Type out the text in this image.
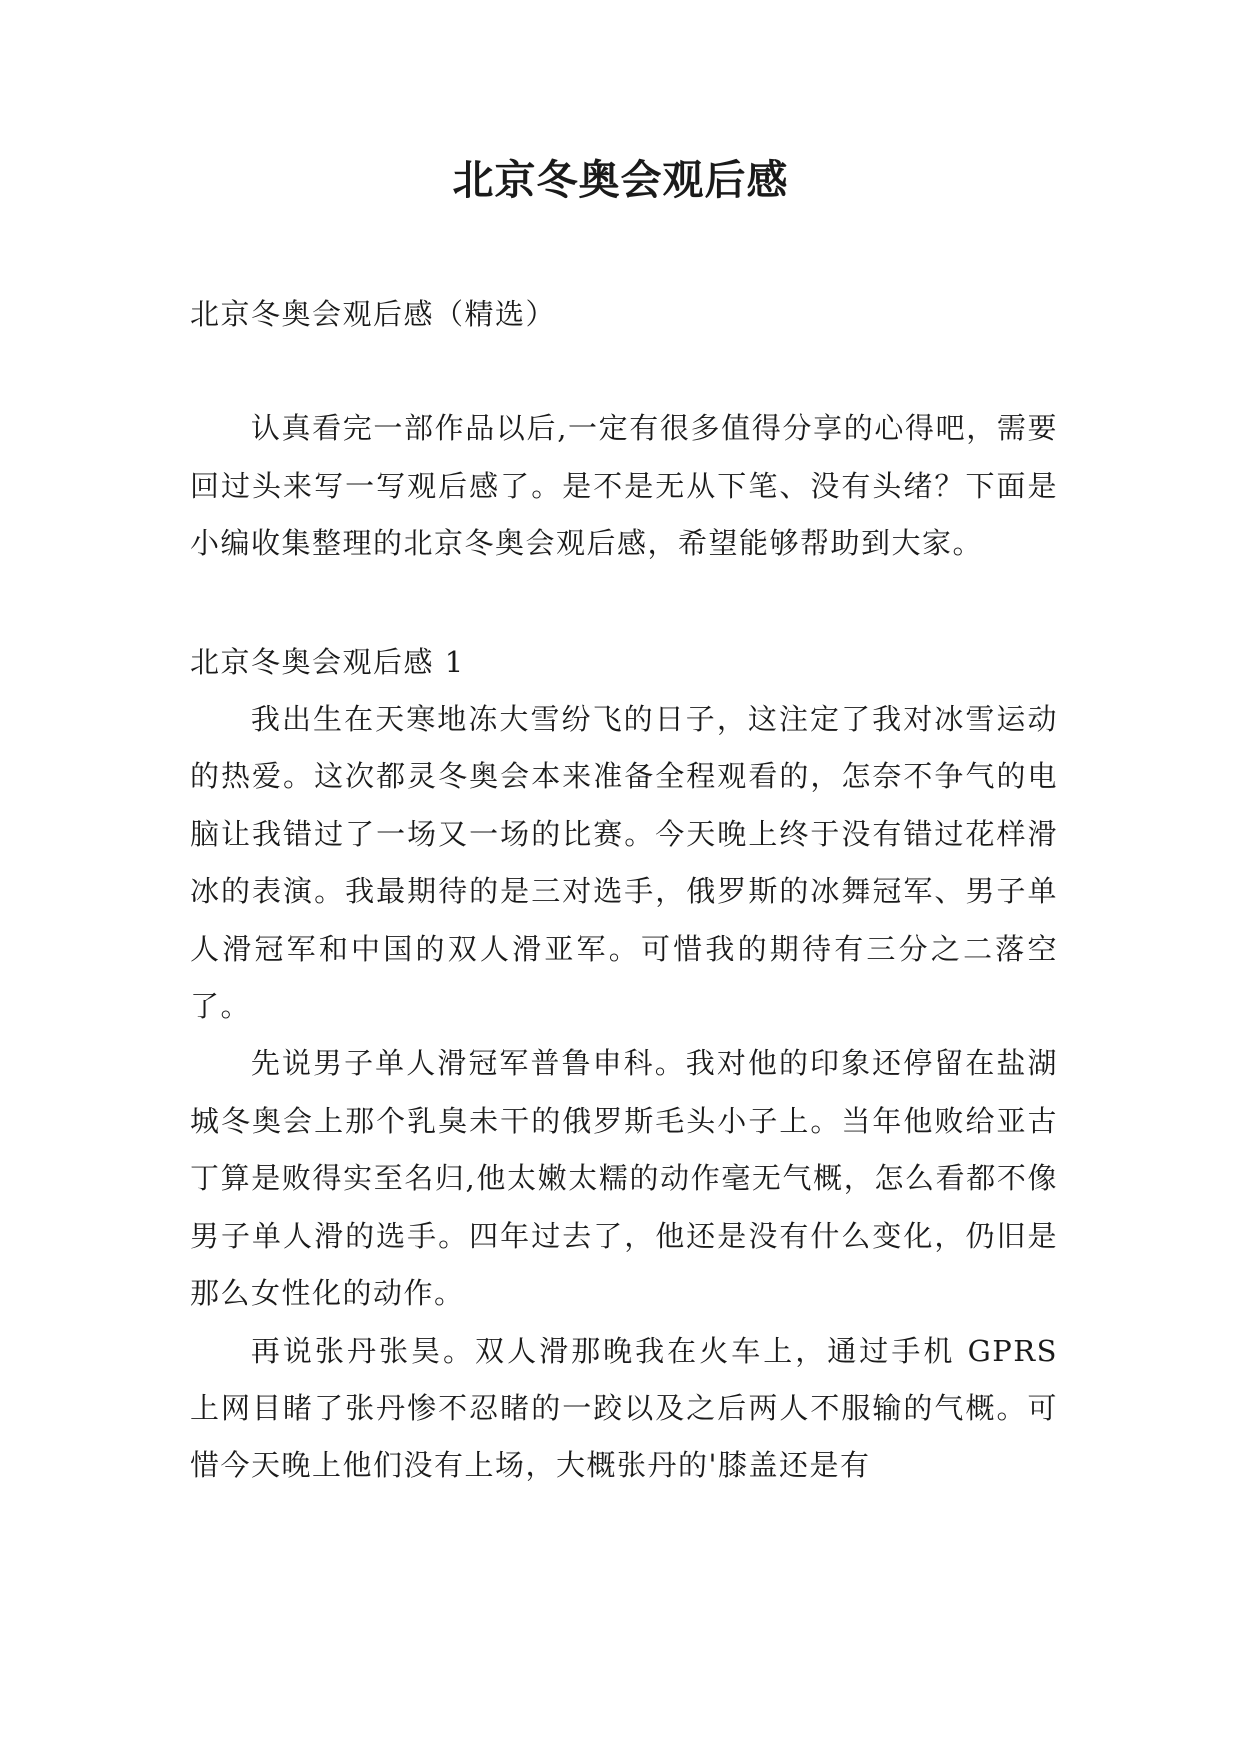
北京冬奥会观后感

北京冬奥会观后感（精选）

认真看完一部作品以后,一定有很多值得分享的心得吧，需要回过头来写一写观后感了。是不是无从下笔、没有头绪？下面是小编收集整理的北京冬奥会观后感，希望能够帮助到大家。

北京冬奥会观后感 1

我出生在天寒地冻大雪纷飞的日子，这注定了我对冰雪运动的热爱。这次都灵冬奥会本来准备全程观看的，怎奈不争气的电脑让我错过了一场又一场的比赛。今天晚上终于没有错过花样滑冰的表演。我最期待的是三对选手，俄罗斯的冰舞冠军、男子单人滑冠军和中国的双人滑亚军。可惜我的期待有三分之二落空了。

先说男子单人滑冠军普鲁申科。我对他的印象还停留在盐湖城冬奥会上那个乳臭未干的俄罗斯毛头小子上。当年他败给亚古丁算是败得实至名归,他太嫩太糯的动作毫无气概，怎么看都不像男子单人滑的选手。四年过去了，他还是没有什么变化，仍旧是那么女性化的动作。

再说张丹张昊。双人滑那晚我在火车上，通过手机 GPRS 上网目睹了张丹惨不忍睹的一跤以及之后两人不服输的气概。可惜今天晚上他们没有上场，大概张丹的'膝盖还是有
